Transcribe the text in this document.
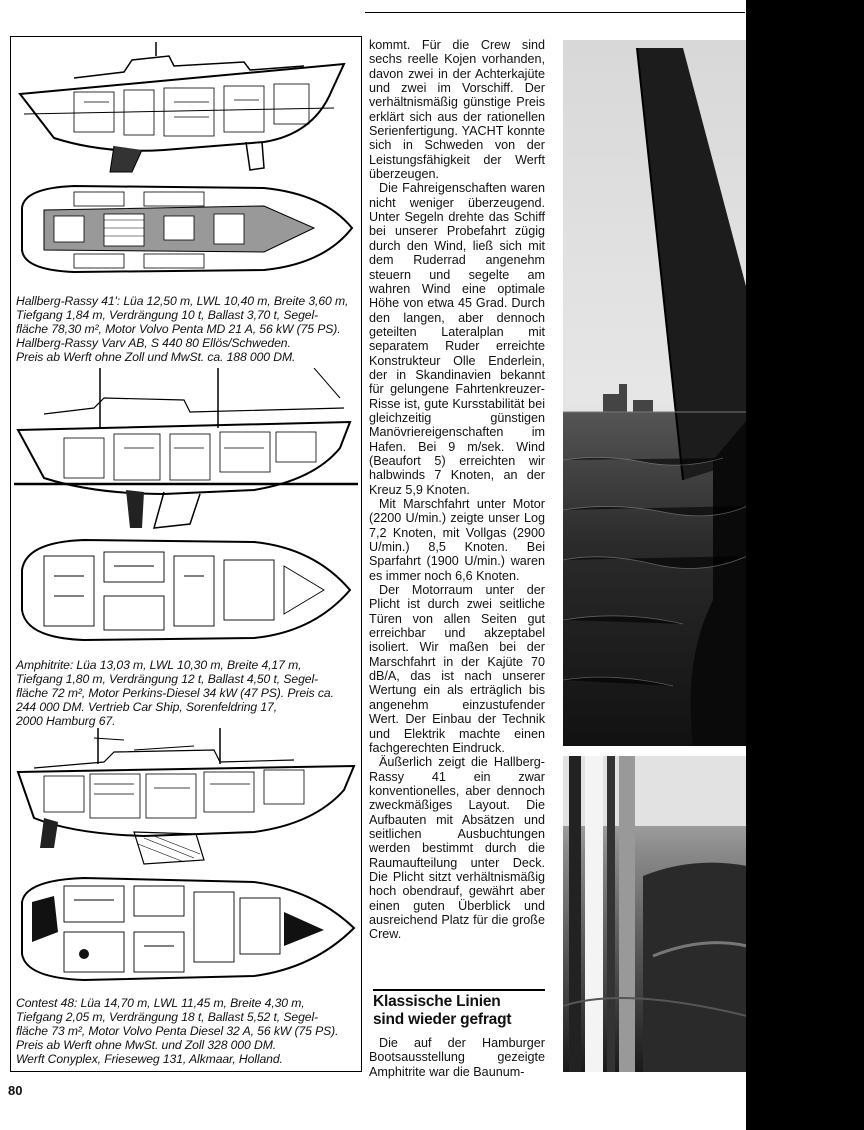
Hallberg-Rassy 41': Lüa 12,50 m, LWL 10,40 m, Breite 3,60 m,
Tiefgang 1,84 m, Verdrängung 10 t, Ballast 3,70 t, Segel-
fläche 78,30 m², Motor Volvo Penta MD 21 A, 56 kW (75 PS).
Hallberg-Rassy Varv AB, S 440 80 Ellös/Schweden.
Preis ab Werft ohne Zoll und MwSt. ca. 188 000 DM.
Amphitrite: Lüa 13,03 m, LWL 10,30 m, Breite 4,17 m,
Tiefgang 1,80 m, Verdrängung 12 t, Ballast 4,50 t, Segel-
fläche 72 m², Motor Perkins-Diesel 34 kW (47 PS). Preis ca.
244 000 DM. Vertrieb Car Ship, Sorenfeldring 17,
2000 Hamburg 67.
Contest 48: Lüa 14,70 m, LWL 11,45 m, Breite 4,30 m,
Tiefgang 2,05 m, Verdrängung 18 t, Ballast 5,52 t, Segel-
fläche 73 m², Motor Volvo Penta Diesel 32 A, 56 kW (75 PS).
Preis ab Werft ohne MwSt. und Zoll 328 000 DM.
Werft Conyplex, Frieseweg 131, Alkmaar, Holland.

kommt. Für die Crew sind sechs reelle Kojen vorhanden, davon zwei in der Achterkajüte und zwei im Vorschiff. Der verhältnismäßig günstige Preis erklärt sich aus der rationellen Serienfertigung. YACHT konnte sich in Schweden von der Leistungsfähigkeit der Werft überzeugen.

Die Fahreigenschaften waren nicht weniger überzeugend. Unter Segeln drehte das Schiff bei unserer Probefahrt zügig durch den Wind, ließ sich mit dem Ruderrad angenehm steuern und segelte am wahren Wind eine optimale Höhe von etwa 45 Grad. Durch den langen, aber dennoch geteilten Lateralplan mit separatem Ruder erreichte Konstrukteur Olle Enderlein, der in Skandinavien bekannt für gelungene Fahrtenkreuzer-Risse ist, gute Kursstabilität bei gleichzeitig günstigen Manövriereigenschaften im Hafen. Bei 9 m/sek. Wind (Beaufort 5) erreichten wir halbwinds 7 Knoten, an der Kreuz 5,9 Knoten.

Mit Marschfahrt unter Motor (2200 U/min.) zeigte unser Log 7,2 Knoten, mit Vollgas (2900 U/min.) 8,5 Knoten. Bei Sparfahrt (1900 U/min.) waren es immer noch 6,6 Knoten.

Der Motorraum unter der Plicht ist durch zwei seitliche Türen von allen Seiten gut erreichbar und akzeptabel isoliert. Wir maßen bei der Marschfahrt in der Kajüte 70 dB/A, das ist nach unserer Wertung ein als erträglich bis angenehm einzustufender Wert. Der Einbau der Technik und Elektrik machte einen fachgerechten Eindruck.

Äußerlich zeigt die Hallberg-Rassy 41 ein zwar konventionelles, aber dennoch zweckmäßiges Layout. Die Aufbauten mit Absätzen und seitlichen Ausbuchtungen werden bestimmt durch die Raumaufteilung unter Deck. Die Plicht sitzt verhältnismäßig hoch obendrauf, gewährt aber einen guten Überblick und ausreichend Platz für die große Crew.

Klassische Linien
sind wieder gefragt

Die auf der Hamburger Bootsausstellung gezeigte Amphitrite war die Baunum-

80
